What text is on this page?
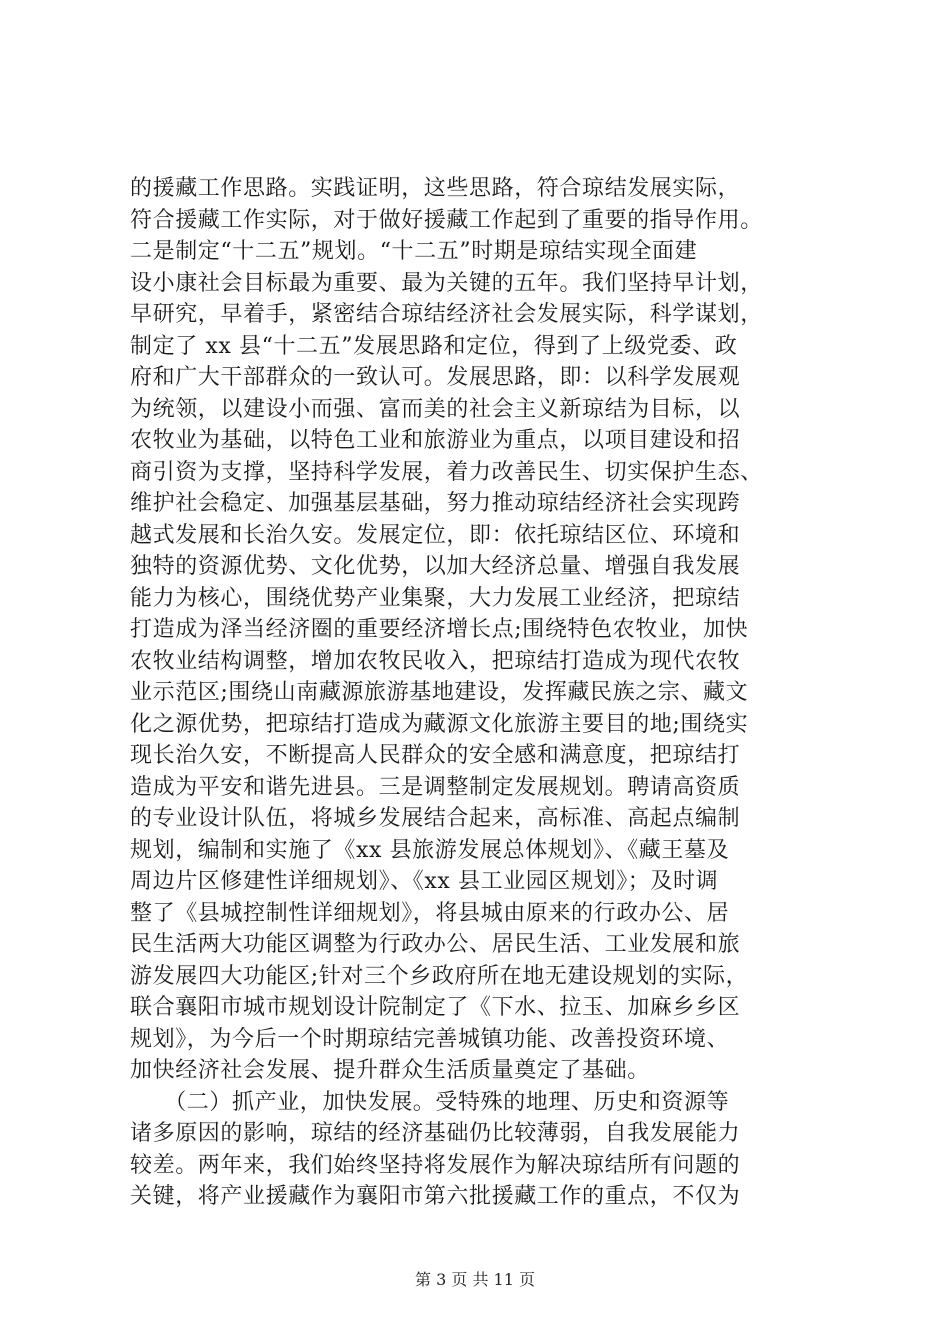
的援藏工作思路。实践证明，这些思路，符合琼结发展实际，
符合援藏工作实际，对于做好援藏工作起到了重要的指导作用。
二是制定“十二五”规划。“十二五”时期是琼结实现全面建
设小康社会目标最为重要、最为关键的五年。我们坚持早计划，
早研究，早着手，紧密结合琼结经济社会发展实际，科学谋划，
制定了 xx 县“十二五”发展思路和定位，得到了上级党委、政
府和广大干部群众的一致认可。发展思路，即：以科学发展观
为统领，以建设小而强、富而美的社会主义新琼结为目标，以
农牧业为基础，以特色工业和旅游业为重点，以项目建设和招
商引资为支撑，坚持科学发展，着力改善民生、切实保护生态、
维护社会稳定、加强基层基础，努力推动琼结经济社会实现跨
越式发展和长治久安。发展定位，即：依托琼结区位、环境和
独特的资源优势、文化优势，以加大经济总量、增强自我发展
能力为核心，围绕优势产业集聚，大力发展工业经济，把琼结
打造成为泽当经济圈的重要经济增长点;围绕特色农牧业，加快
农牧业结构调整，增加农牧民收入，把琼结打造成为现代农牧
业示范区;围绕山南藏源旅游基地建设，发挥藏民族之宗、藏文
化之源优势，把琼结打造成为藏源文化旅游主要目的地;围绕实
现长治久安，不断提高人民群众的安全感和满意度，把琼结打
造成为平安和谐先进县。三是调整制定发展规划。聘请高资质
的专业设计队伍，将城乡发展结合起来，高标准、高起点编制
规划，编制和实施了《xx 县旅游发展总体规划》、《藏王墓及
周边片区修建性详细规划》、《xx 县工业园区规划》；及时调
整了《县城控制性详细规划》，将县城由原来的行政办公、居
民生活两大功能区调整为行政办公、居民生活、工业发展和旅
游发展四大功能区;针对三个乡政府所在地无建设规划的实际，
联合襄阳市城市规划设计院制定了《下水、拉玉、加麻乡乡区
规划》，为今后一个时期琼结完善城镇功能、改善投资环境、
加快经济社会发展、提升群众生活质量奠定了基础。
　　（二）抓产业，加快发展。受特殊的地理、历史和资源等
诸多原因的影响，琼结的经济基础仍比较薄弱，自我发展能力
较差。两年来，我们始终坚持将发展作为解决琼结所有问题的
关键，将产业援藏作为襄阳市第六批援藏工作的重点，不仅为
第 3 页 共 11 页
